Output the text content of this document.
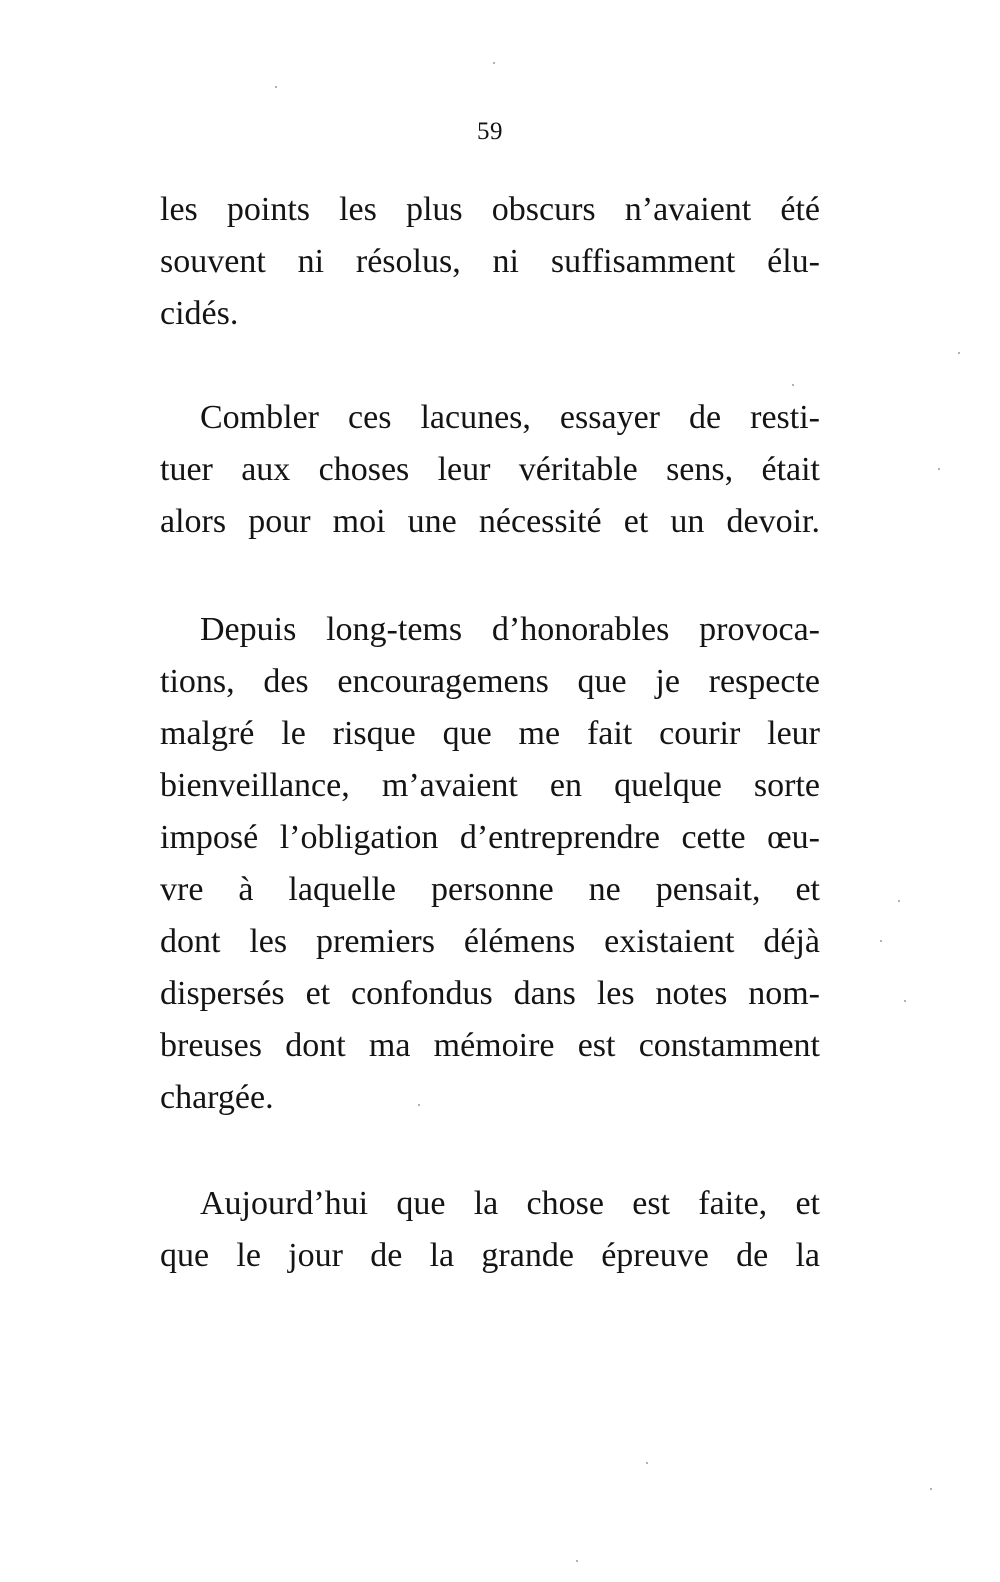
59
les points les plus obscurs n’avaient été
souvent ni résolus, ni suffisamment élu-
cidés.
Combler ces lacunes, essayer de resti-
tuer aux choses leur véritable sens, était
alors pour moi une nécessité et un devoir.
Depuis long-tems d’honorables provoca-
tions, des encouragemens que je respecte
malgré le risque que me fait courir leur
bienveillance, m’avaient en quelque sorte
imposé l’obligation d’entreprendre cette œu-
vre à laquelle personne ne pensait, et
dont les premiers élémens existaient déjà
dispersés et confondus dans les notes nom-
breuses dont ma mémoire est constamment
chargée.
Aujourd’hui que la chose est faite, et
que le jour de la grande épreuve de la
